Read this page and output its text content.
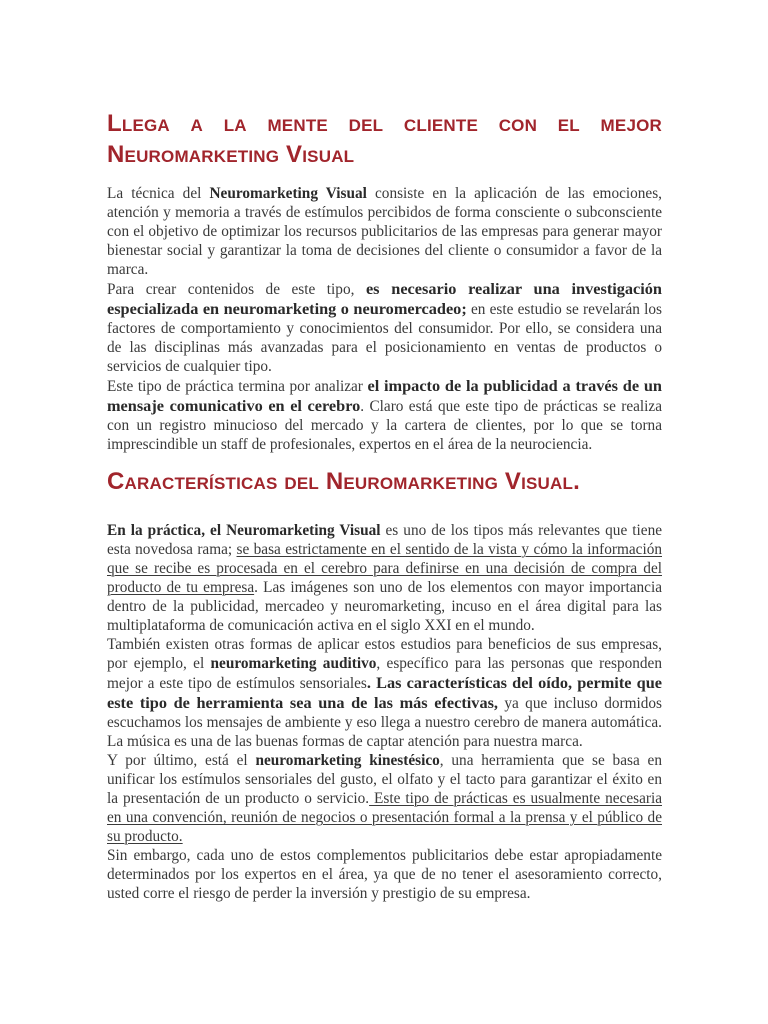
Llega a la mente del cliente con el mejor Neuromarketing Visual

La técnica del Neuromarketing Visual consiste en la aplicación de las emociones, atención y memoria a través de estímulos percibidos de forma consciente o subconsciente con el objetivo de optimizar los recursos publicitarios de las empresas para generar mayor bienestar social y garantizar la toma de decisiones del cliente o consumidor a favor de la marca.

Para crear contenidos de este tipo, es necesario realizar una investigación especializada en neuromarketing o neuromercadeo; en este estudio se revelarán los factores de comportamiento y conocimientos del consumidor. Por ello, se considera una de las disciplinas más avanzadas para el posicionamiento en ventas de productos o servicios de cualquier tipo.

Este tipo de práctica termina por analizar el impacto de la publicidad a través de un mensaje comunicativo en el cerebro. Claro está que este tipo de prácticas se realiza con un registro minucioso del mercado y la cartera de clientes, por lo que se torna imprescindible un staff de profesionales, expertos en el área de la neurociencia.

Características del Neuromarketing Visual.

En la práctica, el Neuromarketing Visual es uno de los tipos más relevantes que tiene esta novedosa rama; se basa estrictamente en el sentido de la vista y cómo la información que se recibe es procesada en el cerebro para definirse en una decisión de compra del producto de tu empresa. Las imágenes son uno de los elementos con mayor importancia dentro de la publicidad, mercadeo y neuromarketing, incuso en el área digital para las multiplataforma de comunicación activa en el siglo XXI en el mundo.

También existen otras formas de aplicar estos estudios para beneficios de sus empresas, por ejemplo, el neuromarketing auditivo, específico para las personas que responden mejor a este tipo de estímulos sensoriales. Las características del oído, permite que este tipo de herramienta sea una de las más efectivas, ya que incluso dormidos escuchamos los mensajes de ambiente y eso llega a nuestro cerebro de manera automática. La música es una de las buenas formas de captar atención para nuestra marca.

Y por último, está el neuromarketing kinestésico, una herramienta que se basa en unificar los estímulos sensoriales del gusto, el olfato y el tacto para garantizar el éxito en la presentación de un producto o servicio. Este tipo de prácticas es usualmente necesaria en una convención, reunión de negocios o presentación formal a la prensa y el público de su producto.

Sin embargo, cada uno de estos complementos publicitarios debe estar apropiadamente determinados por los expertos en el área, ya que de no tener el asesoramiento correcto, usted corre el riesgo de perder la inversión y prestigio de su empresa.
